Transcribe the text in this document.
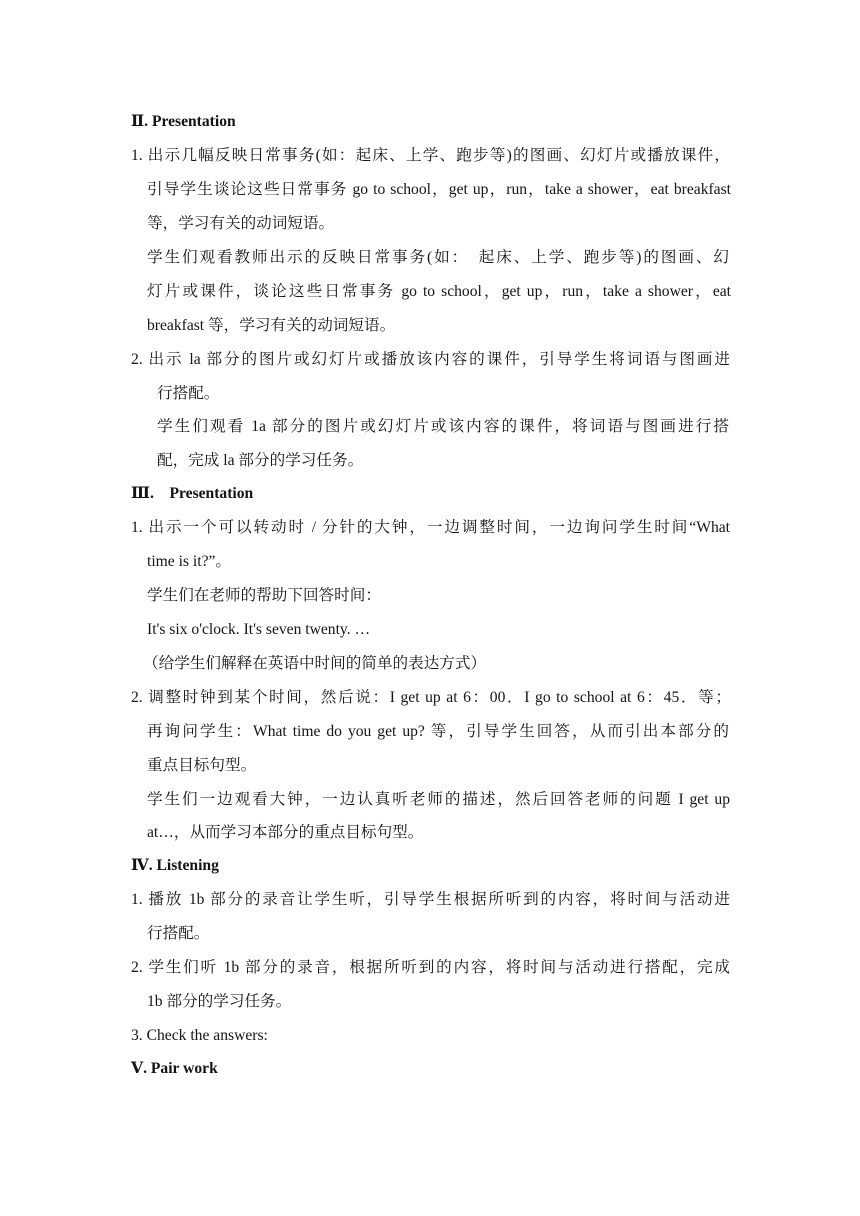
Ⅱ. Presentation

1. 出示几幅反映日常事务(如：起床、上学、跑步等)的图画、幻灯片或播放课件，

引导学生谈论这些日常事务 go to school，get up，run，take a shower，eat breakfast

等，学习有关的动词短语。

学生们观看教师出示的反映日常事务(如：　起床、上学、跑步等)的图画、幻

灯片或课件，谈论这些日常事务 go to school，get up，run，take a shower，eat

breakfast 等，学习有关的动词短语。

2. 出示 la 部分的图片或幻灯片或播放该内容的课件，引导学生将词语与图画进

行搭配。

学生们观看 1a 部分的图片或幻灯片或该内容的课件，将词语与图画进行搭

配，完成 la 部分的学习任务。

Ⅲ.　Presentation

1. 出示一个可以转动时 / 分针的大钟，一边调整时间，一边询问学生时间“What

time is it?”。

学生们在老师的帮助下回答时间：

It's six o'clock. It's seven twenty. …

（给学生们解释在英语中时间的简单的表达方式）

2. 调整时钟到某个时间，然后说：I get up at 6：00．I go to school at 6：45．等；

再询问学生：What time do you get up? 等，引导学生回答，从而引出本部分的

重点目标句型。

学生们一边观看大钟，一边认真听老师的描述，然后回答老师的问题 I get up

at…，从而学习本部分的重点目标句型。

Ⅳ. Listening

1. 播放 1b 部分的录音让学生听，引导学生根据所听到的内容，将时间与活动进

行搭配。

2. 学生们听 1b 部分的录音，根据所听到的内容，将时间与活动进行搭配，完成

1b 部分的学习任务。

3. Check the answers:

Ⅴ. Pair work
